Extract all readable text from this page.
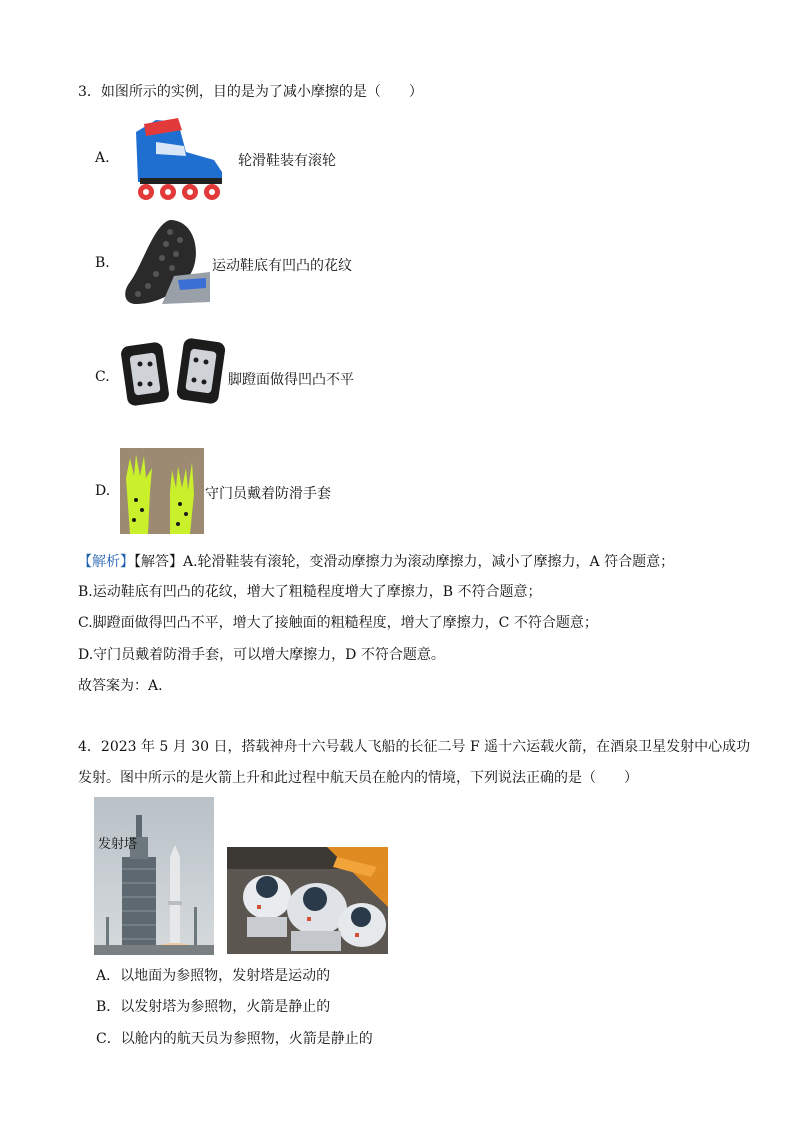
3．如图所示的实例，目的是为了减小摩擦的是（　　）
A.	轮滑鞋装有滚轮
B.	运动鞋底有凹凸的花纹
C.	脚蹬面做得凹凸不平
D.	守门员戴着防滑手套
【解析】【解答】A.轮滑鞋装有滚轮，变滑动摩擦力为滚动摩擦力，减小了摩擦力，A 符合题意；
B.运动鞋底有凹凸的花纹，增大了粗糙程度增大了摩擦力，B 不符合题意；
C.脚蹬面做得凹凸不平，增大了接触面的粗糙程度，增大了摩擦力，C 不符合题意；
D.守门员戴着防滑手套，可以增大摩擦力，D 不符合题意。
故答案为：A.
4．2023 年 5 月 30 日，搭载神舟十六号载人飞船的长征二号 F 遥十六运载火箭，在酒泉卫星发射中心成功
发射。图中所示的是火箭上升和此过程中航天员在舱内的情境，下列说法正确的是（　　）
发射塔
A．以地面为参照物，发射塔是运动的
B．以发射塔为参照物，火箭是静止的
C．以舱内的航天员为参照物，火箭是静止的
